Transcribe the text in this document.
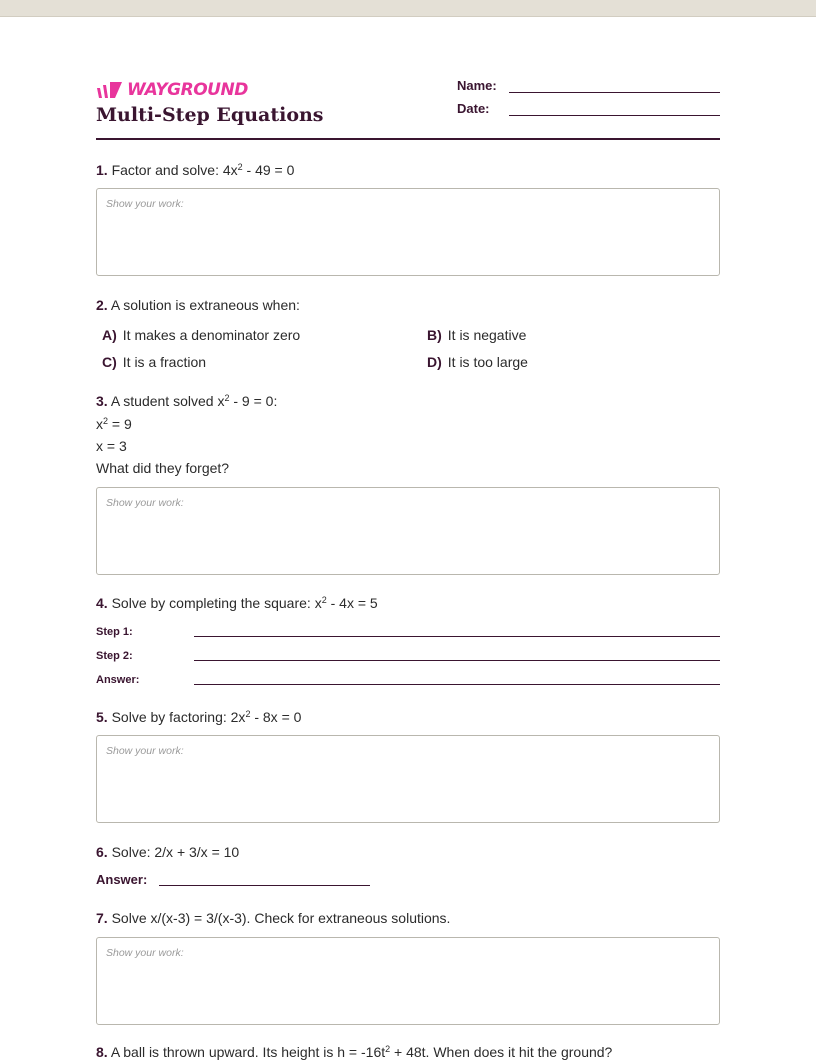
WAYGROUND
Multi-Step Equations
Name:
Date:
1. Factor and solve: $4x^2 - 49 = 0$
Show your work:
2. A solution is extraneous when:
A) It makes a denominator zero	B) It is negative
C) It is a fraction	D) It is too large
3. A student solved $x^2 - 9 = 0$:
$x^2 = 9$
x = 3
What did they forget?
Show your work:
4. Solve by completing the square: $x^2 - 4x = 5$
Step 1:
Step 2:
Answer:
5. Solve by factoring: $2x^2 - 8x = 0$
Show your work:
6. Solve: 2/x + 3/x = 10
Answer:
7. Solve x/(x-3) = 3/(x-3). Check for extraneous solutions.
Show your work:
8. A ball is thrown upward. Its height is $h = -16t^2 + 48t$. When does it hit the ground?
